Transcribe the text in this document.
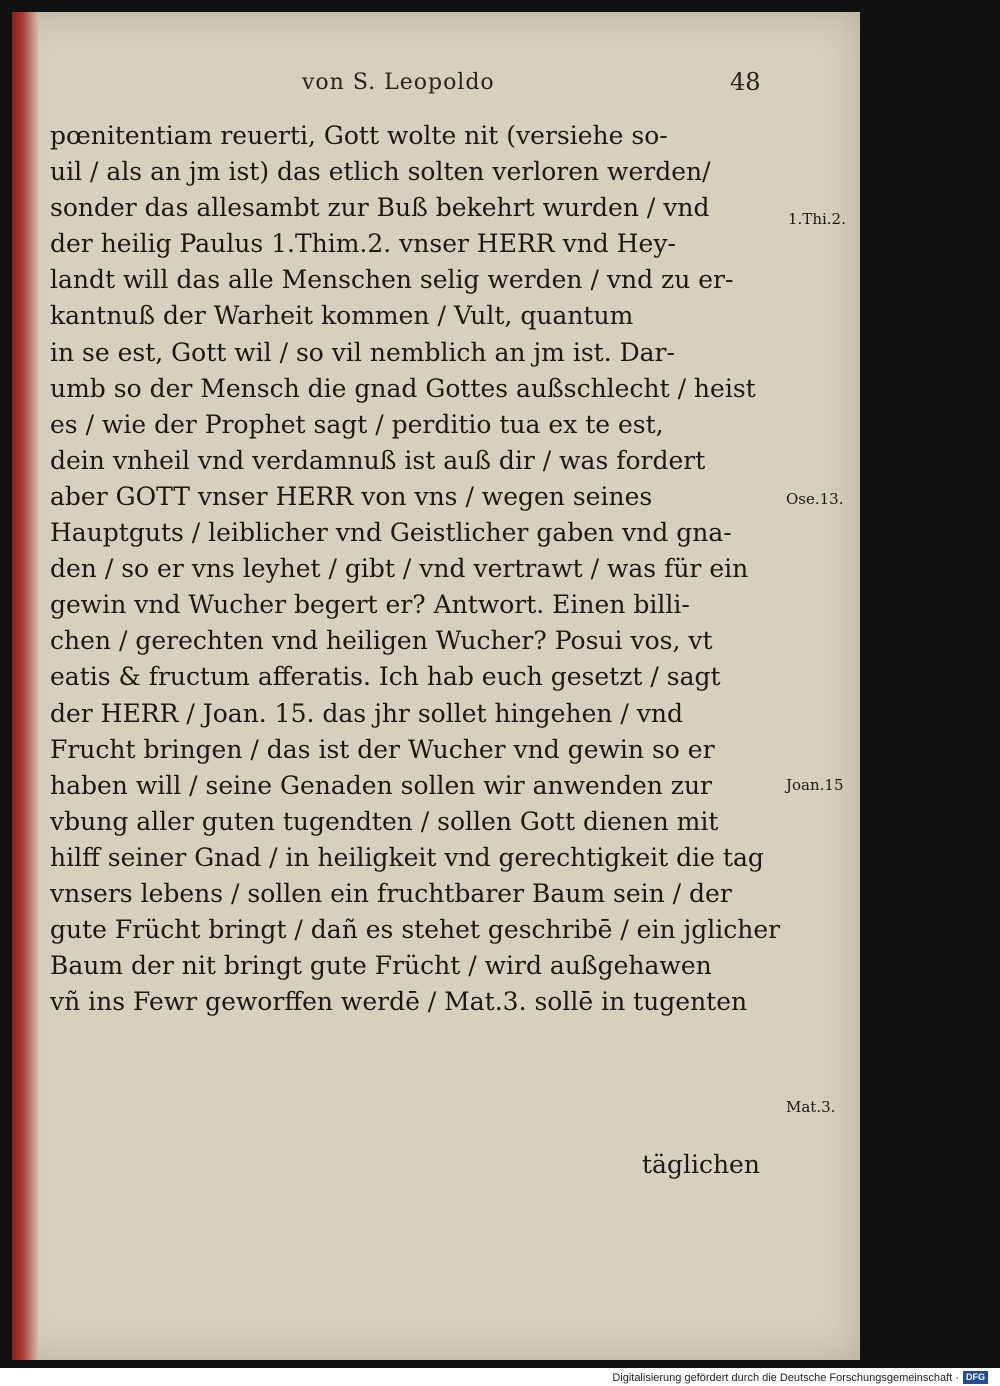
von S. Leopoldo	48
pœnitentiam reuerti, Gott wolte nit (versiehe so-
uil / als an jm ist) das etlich solten verloren werden/
sonder das allesambt zur Buß bekehrt wurden / vnd
der heilig Paulus 1.Thim.2. vnser HERR vnd Hey-
landt will das alle Menschen selig werden / vnd zu er-
kantnuß der Warheit kommen / Vult, quantum
in se est, Gott wil / so vil nemblich an jm ist. Dar-
umb so der Mensch die gnad Gottes außschlecht / heist
es / wie der Prophet sagt / perditio tua ex te est,
dein vnheil vnd verdamnuß ist auß dir / was fordert
aber GOTT vnser HERR von vns / wegen seines
Hauptguts / leiblicher vnd Geistlicher gaben vnd gna-
den / so er vns leyhet / gibt / vnd vertrawt / was für ein
gewin vnd Wucher begert er? Antwort. Einen billi-
chen / gerechten vnd heiligen Wucher? Posui vos, vt
eatis & fructum afferatis. Ich hab euch gesetzt / sagt
der HERR / Joan. 15. das jhr sollet hingehen / vnd
Frucht bringen / das ist der Wucher vnd gewin so er
haben will / seine Genaden sollen wir anwenden zur
vbung aller guten tugendten / sollen Gott dienen mit
hilff seiner Gnad / in heiligkeit vnd gerechtigkeit die tag
vnsers lebens / sollen ein fruchtbarer Baum sein / der
gute Frücht bringt / dañ es stehet geschribē / ein jglicher
Baum der nit bringt gute Frücht / wird außgehawen
vñ ins Fewr geworffen werdē / Mat.3. sollē in tugenten
täglichen
1.Thi.2.
Ose.13.
Joan.15
Mat.3.
Digitalisierung gefördert durch die Deutsche Forschungsgemeinschaft · DFG
